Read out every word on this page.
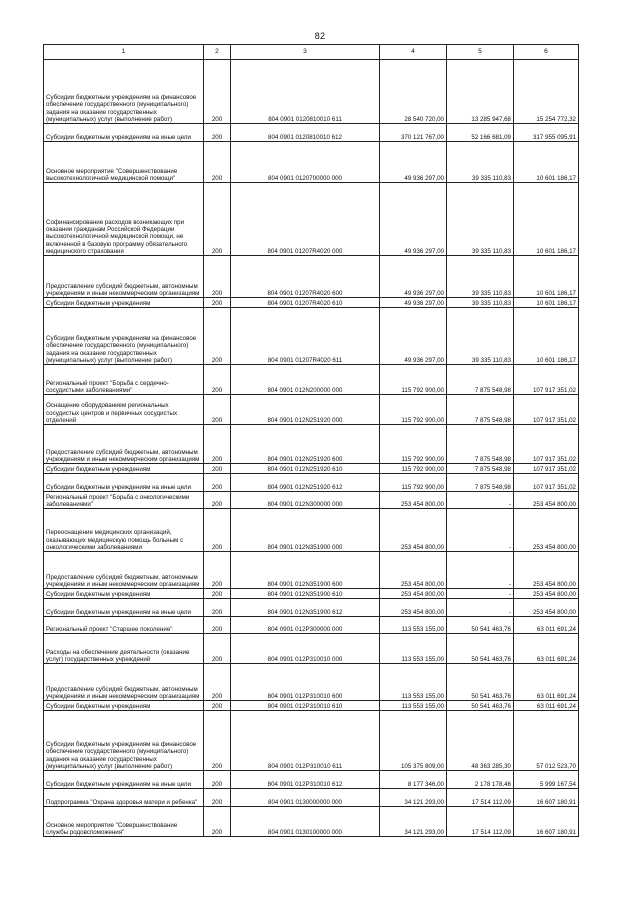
82
1	2	3	4	5	6
Субсидии бюджетным учреждениям на финансовое обеспечение государственного (муниципального) задания на оказание государственных (муниципальных) услуг (выполнение работ)	200	804 0901 0120810010 611	28 540 720,00	13 285 947,68	15 254 772,32
Субсидии бюджетным учреждениям на иные цели	200	804 0901 0120810010 612	370 121 767,00	52 166 681,09	317 955 095,91
Основное мероприятие "Совершенствование высокотехнологичной медицинской помощи"	200	804 0901 0120700000 000	49 936 297,00	39 335 110,83	10 601 186,17
Софинансирование расходов возникающих при оказании гражданам Российской Федерации высокотехнологичной медицинской помощи, не включенной в базовую программу обязательного медицинского страхования	200	804 0901 01207R4020 000	49 936 297,00	39 335 110,83	10 601 186,17
Предоставление субсидий бюджетным, автономным учреждениям и иным некоммерческим организациям	200	804 0901 01207R4020 600	49 936 297,00	39 335 110,83	10 601 186,17
Субсидии бюджетным учреждениям	200	804 0901 01207R4020 610	49 936 297,00	39 335 110,83	10 601 186,17
Субсидии бюджетным учреждениям на финансовое обеспечение государственного (муниципального) задания на оказание государственных (муниципальных) услуг (выполнение работ)	200	804 0901 01207R4020 611	49 936 297,00	39 335 110,83	10 601 186,17
Региональный проект "Борьба с сердечно-сосудистыми заболеваниями"	200	804 0901 012N200000 000	115 792 900,00	7 875 548,98	107 917 351,02
Оснащение оборудованием региональных сосудистых центров и первичных сосудистых отделений	200	804 0901 012N251920 000	115 792 900,00	7 875 548,98	107 917 351,02
Предоставление субсидий бюджетным, автономным учреждениям и иным некоммерческим организациям	200	804 0901 012N251920 600	115 792 900,00	7 875 548,98	107 917 351,02
Субсидии бюджетным учреждениям	200	804 0901 012N251920 610	115 792 900,00	7 875 548,98	107 917 351,02
Субсидии бюджетным учреждениям на иные цели	200	804 0901 012N251920 612	115 792 900,00	7 875 548,98	107 917 351,02
Региональный проект "Борьба с онкологическими заболеваниями"	200	804 0901 012N300000 000	253 454 800,00	-	253 454 800,00
Переоснащение медицинских организаций, оказывающих медицинскую помощь больным с онкологическими заболеваниями	200	804 0901 012N351900 000	253 454 800,00	-	253 454 800,00
Предоставление субсидий бюджетным, автономным учреждениям и иным некоммерческим организациям	200	804 0901 012N351900 600	253 454 800,00	-	253 454 800,00
Субсидии бюджетным учреждениям	200	804 0901 012N351900 610	253 454 800,00	-	253 454 800,00
Субсидии бюджетным учреждениям на иные цели	200	804 0901 012N351900 612	253 454 800,00	-	253 454 800,00
Региональный проект "Старшее поколение"	200	804 0901 012P300000 000	113 553 155,00	50 541 463,76	63 011 691,24
Расходы на обеспечение деятельности (оказание услуг) государственных учреждений	200	804 0901 012P310010 000	113 553 155,00	50 541 463,76	63 011 691,24
Предоставление субсидий бюджетным, автономным учреждениям и иным некоммерческим организациям	200	804 0901 012P310010 600	113 553 155,00	50 541 463,76	63 011 691,24
Субсидии бюджетным учреждениям	200	804 0901 012P310010 610	113 553 155,00	50 541 463,76	63 011 691,24
Субсидии бюджетным учреждениям на финансовое обеспечение государственного (муниципального) задания на оказание государственных (муниципальных) услуг (выполнение работ)	200	804 0901 012P310010 611	105 375 809,00	48 363 285,30	57 012 523,70
Субсидии бюджетным учреждениям на иные цели	200	804 0901 012P310010 612	8 177 346,00	2 178 178,46	5 999 167,54
Подпрограмма "Охрана здоровья матери и ребенка"	200	804 0901 0130000000 000	34 121 293,00	17 514 112,09	16 607 180,91
Основное мероприятие "Совершенствование службы родовспоможения"	200	804 0901 0130100000 000	34 121 293,00	17 514 112,09	16 607 180,91
